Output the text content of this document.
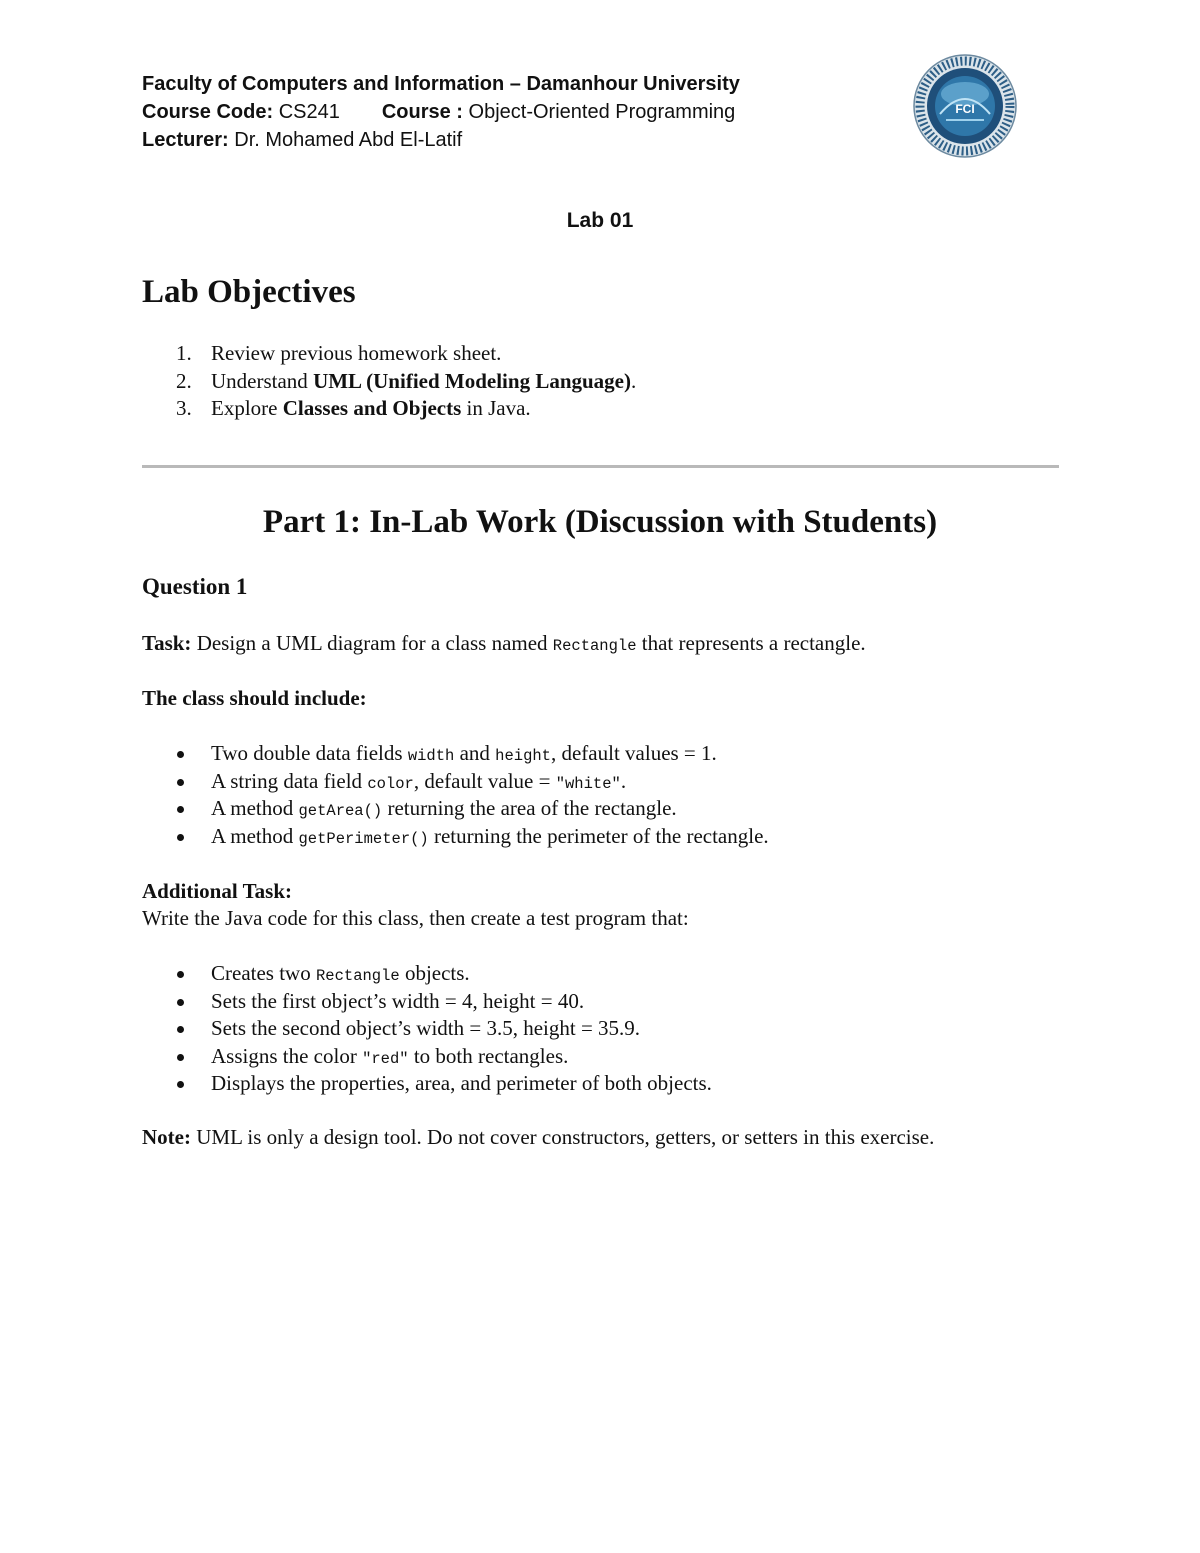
Faculty of Computers and Information – Damanhour University
Course Code: CS241 Course : Object-Oriented Programming
Lecturer: Dr. Mohamed Abd El-Latif
FCI
Lab 01
Lab Objectives
1. Review previous homework sheet.
2. Understand UML (Unified Modeling Language).
3. Explore Classes and Objects in Java.
Part 1: In-Lab Work (Discussion with Students)
Question 1
Task: Design a UML diagram for a class named Rectangle that represents a rectangle.
The class should include:
Two double data fields width and height, default values = 1.
A string data field color, default value = "white".
A method getArea() returning the area of the rectangle.
A method getPerimeter() returning the perimeter of the rectangle.
Additional Task:
Write the Java code for this class, then create a test program that:
Creates two Rectangle objects.
Sets the first object’s width = 4, height = 40.
Sets the second object’s width = 3.5, height = 35.9.
Assigns the color "red" to both rectangles.
Displays the properties, area, and perimeter of both objects.
Note: UML is only a design tool. Do not cover constructors, getters, or setters in this exercise.
